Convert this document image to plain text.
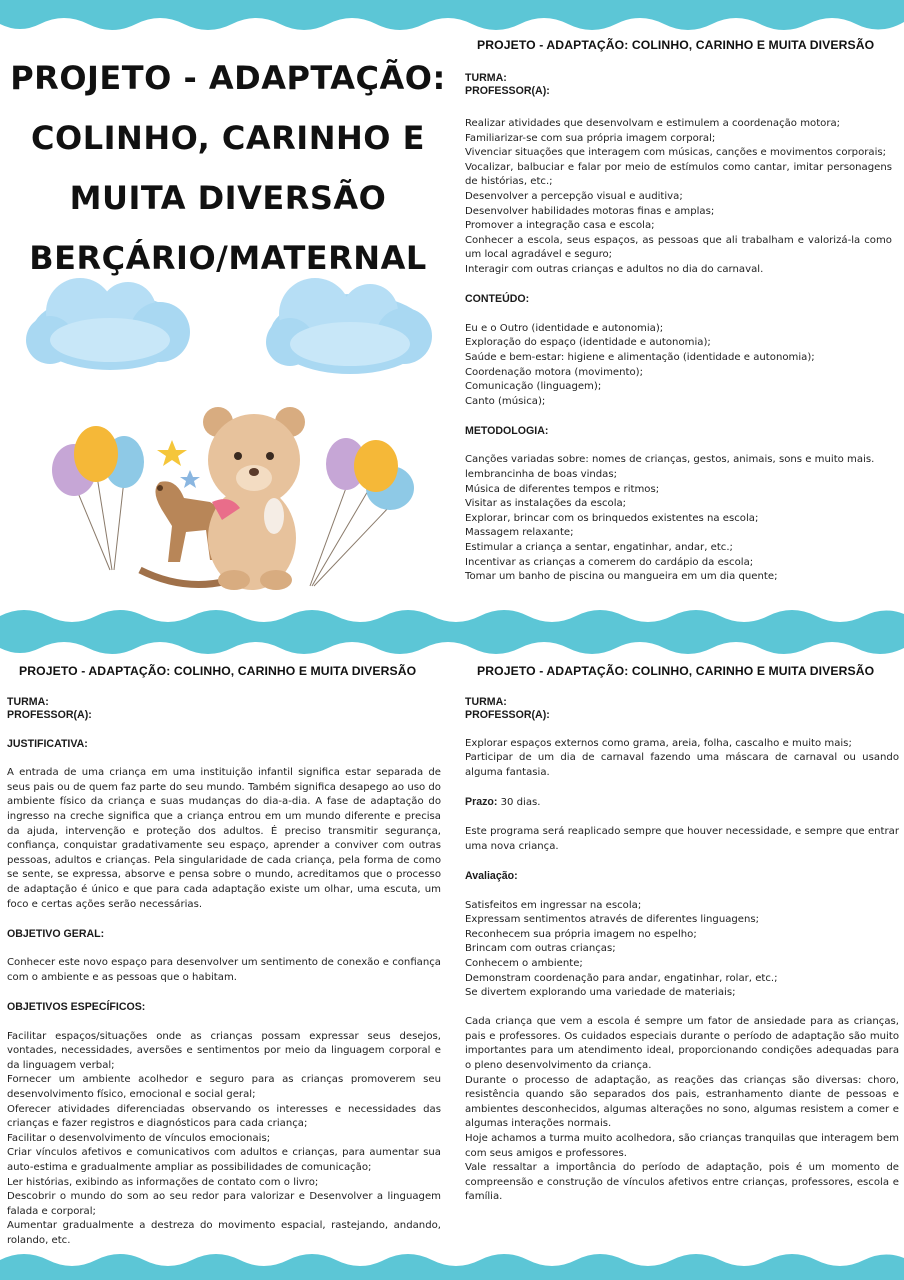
PROJETO - ADAPTAÇÃO:
COLINHO, CARINHO E
MUITA DIVERSÃO
BERÇÁRIO/MATERNAL
PROJETO - ADAPTAÇÃO: COLINHO, CARINHO E MUITA DIVERSÃO
TURMA:
PROFESSOR(A):
Realizar atividades que desenvolvam e estimulem a coordenação motora;
Familiarizar-se com sua própria imagem corporal;
Vivenciar situações que interagem com músicas, canções e movimentos corporais;
Vocalizar, balbuciar e falar por meio de estímulos como cantar, imitar personagens de histórias, etc.;
Desenvolver a percepção visual e auditiva;
Desenvolver habilidades motoras finas e amplas;
Promover a integração casa e escola;
Conhecer a escola, seus espaços, as pessoas que ali trabalham e valorizá-la como um local agradável e seguro;
Interagir com outras crianças e adultos no dia do carnaval.
CONTEÚDO:
Eu e o Outro (identidade e autonomia);
Exploração do espaço (identidade e autonomia);
Saúde e bem-estar: higiene e alimentação (identidade e autonomia);
Coordenação motora (movimento);
Comunicação (linguagem);
Canto (música);
METODOLOGIA:
Canções variadas sobre: nomes de crianças, gestos, animais, sons e muito mais.
lembrancinha de boas vindas;
Música de diferentes tempos e ritmos;
Visitar as instalações da escola;
Explorar, brincar com os brinquedos existentes na escola;
Massagem relaxante;
Estimular a criança a sentar, engatinhar, andar, etc.;
Incentivar as crianças a comerem do cardápio da escola;
Tomar um banho de piscina ou mangueira em um dia quente;
PROJETO - ADAPTAÇÃO: COLINHO, CARINHO E MUITA DIVERSÃO
TURMA:
PROFESSOR(A):
JUSTIFICATIVA:
A entrada de uma criança em uma instituição infantil significa estar separada de seus pais ou de quem faz parte do seu mundo. Também significa desapego ao uso do ambiente físico da criança e suas mudanças do dia-a-dia. A fase de adaptação do ingresso na creche significa que a criança entrou em um mundo diferente e precisa da ajuda, intervenção e proteção dos adultos. É preciso transmitir segurança, confiança, conquistar gradativamente seu espaço, aprender a conviver com outras pessoas, adultos e crianças. Pela singularidade de cada criança, pela forma de como se sente, se expressa, absorve e pensa sobre o mundo, acreditamos que o processo de adaptação é único e que para cada adaptação existe um olhar, uma escuta, um foco e certas ações serão necessárias.
OBJETIVO GERAL:
Conhecer este novo espaço para desenvolver um sentimento de conexão e confiança com o ambiente e as pessoas que o habitam.
OBJETIVOS ESPECÍFICOS:
Facilitar espaços/situações onde as crianças possam expressar seus desejos, vontades, necessidades, aversões e sentimentos por meio da linguagem corporal e da linguagem verbal;
Fornecer um ambiente acolhedor e seguro para as crianças promoverem seu desenvolvimento físico, emocional e social geral;
Oferecer atividades diferenciadas observando os interesses e necessidades das crianças e fazer registros e diagnósticos para cada criança;
Facilitar o desenvolvimento de vínculos emocionais;
Criar vínculos afetivos e comunicativos com adultos e crianças, para aumentar sua auto-estima e gradualmente ampliar as possibilidades de comunicação;
Ler histórias, exibindo as informações de contato com o livro;
Descobrir o mundo do som ao seu redor para valorizar e Desenvolver a linguagem falada e corporal;
Aumentar gradualmente a destreza do movimento espacial, rastejando, andando, rolando, etc.
PROJETO - ADAPTAÇÃO: COLINHO, CARINHO E MUITA DIVERSÃO
TURMA:
PROFESSOR(A):
Explorar espaços externos como grama, areia, folha, cascalho e muito mais;
Participar de um dia de carnaval fazendo uma máscara de carnaval ou usando alguma fantasia.
Prazo: 30 dias.
Este programa será reaplicado sempre que houver necessidade, e sempre que entrar uma nova criança.
Avaliação:
Satisfeitos em ingressar na escola;
Expressam sentimentos através de diferentes linguagens;
Reconhecem sua própria imagem no espelho;
Brincam com outras crianças;
Conhecem o ambiente;
Demonstram coordenação para andar, engatinhar, rolar, etc.;
Se divertem explorando uma variedade de materiais;
Cada criança que vem a escola é sempre um fator de ansiedade para as crianças, pais e professores. Os cuidados especiais durante o período de adaptação são muito importantes para um atendimento ideal, proporcionando condições adequadas para o pleno desenvolvimento da criança.
Durante o processo de adaptação, as reações das crianças são diversas: choro, resistência quando são separados dos pais, estranhamento diante de pessoas e ambientes desconhecidos, algumas alterações no sono, algumas resistem a comer e algumas interações normais.
Hoje achamos a turma muito acolhedora, são crianças tranquilas que interagem bem com seus amigos e professores.
Vale ressaltar a importância do período de adaptação, pois é um momento de compreensão e construção de vínculos afetivos entre crianças, professores, escola e família.
